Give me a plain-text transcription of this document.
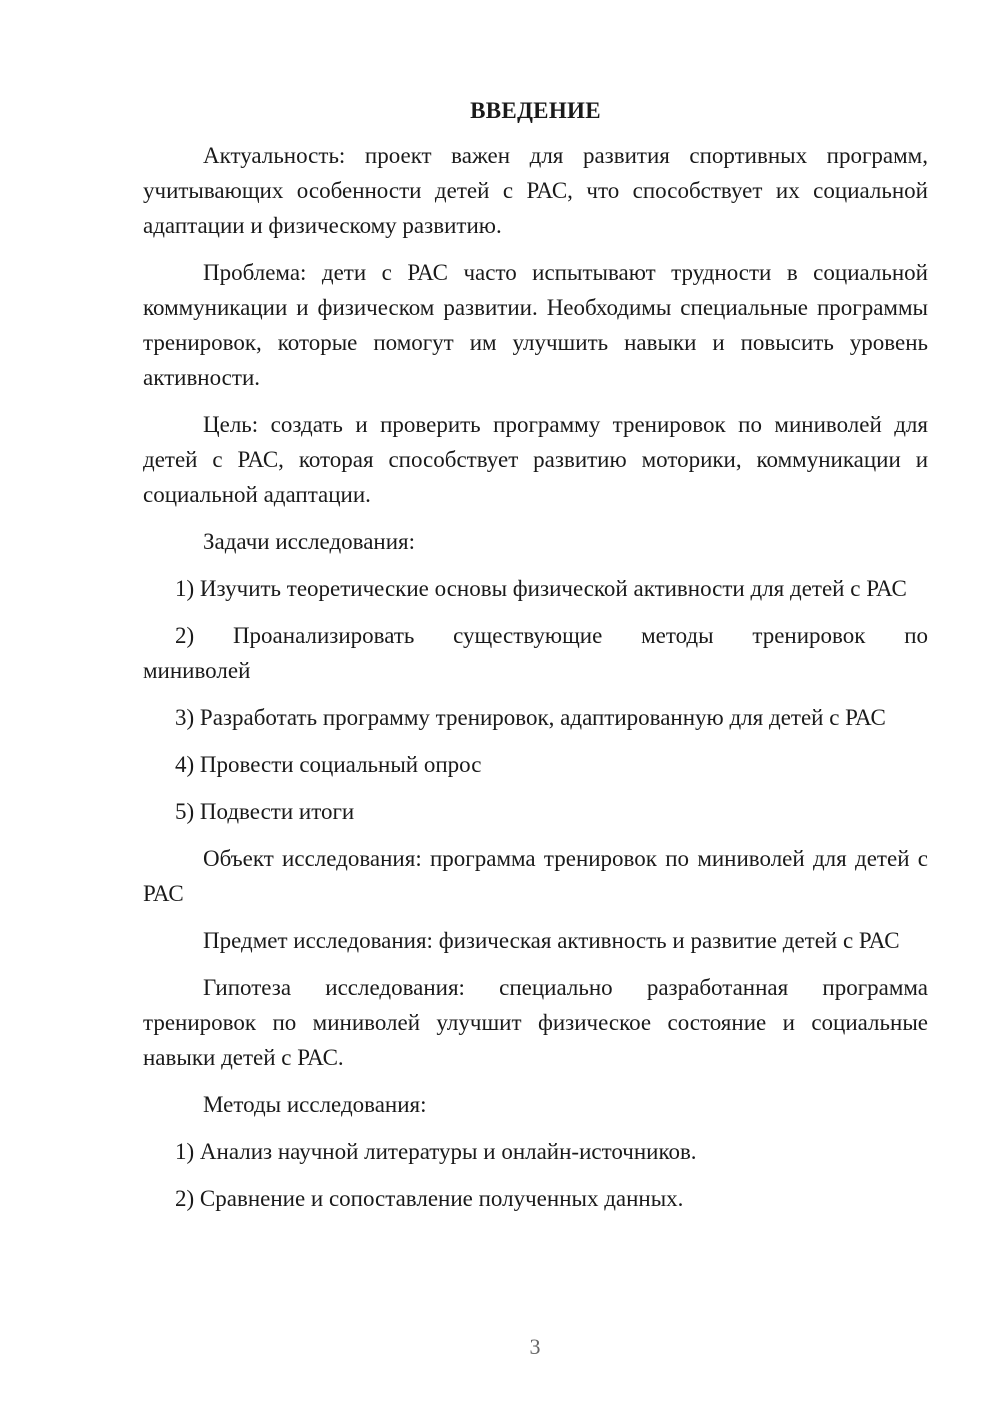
ВВЕДЕНИЕ

Актуальность: проект важен для развития спортивных программ, учитывающих особенности детей с РАС, что способствует их социальной адаптации и физическому развитию.

Проблема: дети с РАС часто испытывают трудности в социальной коммуникации и физическом развитии. Необходимы специальные программы тренировок, которые помогут им улучшить навыки и повысить уровень активности.

Цель: создать и проверить программу тренировок по миниволей для детей с РАС, которая способствует развитию моторики, коммуникации и социальной адаптации.

Задачи исследования:

1) Изучить теоретические основы физической активности для детей с РАС

2) Проанализировать существующие методы тренировок по миниволей

3) Разработать программу тренировок, адаптированную для детей с РАС

4) Провести социальный опрос

5) Подвести итоги

Объект исследования: программа тренировок по миниволей для детей с РАС

Предмет исследования: физическая активность и развитие детей с РАС

Гипотеза исследования: специально разработанная программа тренировок по миниволей улучшит физическое состояние и социальные навыки детей с РАС.

Методы исследования:

1) Анализ научной литературы и онлайн-источников.

2) Сравнение и сопоставление полученных данных.

3
